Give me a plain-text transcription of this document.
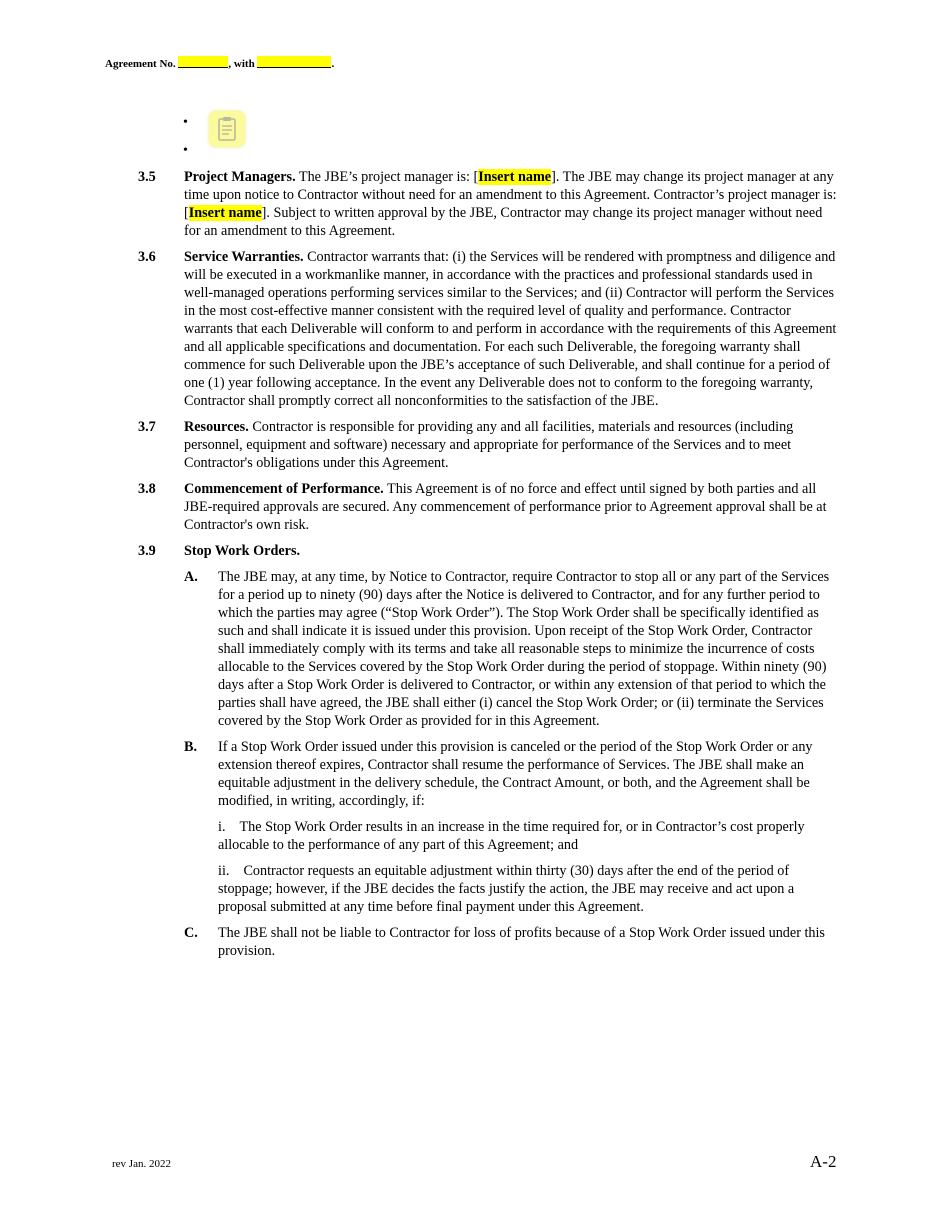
Agreement No.	, with	.
•
•
3.5	Project Managers. The JBE’s project manager is: [Insert name]. The JBE may change its project manager at any time upon notice to Contractor without need for an amendment to this Agreement. Contractor’s project manager is: [Insert name]. Subject to written approval by the JBE, Contractor may change its project manager without need for an amendment to this Agreement.
3.6	Service Warranties. Contractor warrants that: (i) the Services will be rendered with promptness and diligence and will be executed in a workmanlike manner, in accordance with the practices and professional standards used in well-managed operations performing services similar to the Services; and (ii) Contractor will perform the Services in the most cost-effective manner consistent with the required level of quality and performance. Contractor warrants that each Deliverable will conform to and perform in accordance with the requirements of this Agreement and all applicable specifications and documentation. For each such Deliverable, the foregoing warranty shall commence for such Deliverable upon the JBE’s acceptance of such Deliverable, and shall continue for a period of one (1) year following acceptance. In the event any Deliverable does not to conform to the foregoing warranty, Contractor shall promptly correct all nonconformities to the satisfaction of the JBE.
3.7	Resources. Contractor is responsible for providing any and all facilities, materials and resources (including personnel, equipment and software) necessary and appropriate for performance of the Services and to meet Contractor's obligations under this Agreement.
3.8	Commencement of Performance. This Agreement is of no force and effect until signed by both parties and all JBE-required approvals are secured. Any commencement of performance prior to Agreement approval shall be at Contractor's own risk.
3.9	Stop Work Orders.
A.	The JBE may, at any time, by Notice to Contractor, require Contractor to stop all or any part of the Services for a period up to ninety (90) days after the Notice is delivered to Contractor, and for any further period to which the parties may agree (“Stop Work Order”). The Stop Work Order shall be specifically identified as such and shall indicate it is issued under this provision. Upon receipt of the Stop Work Order, Contractor shall immediately comply with its terms and take all reasonable steps to minimize the incurrence of costs allocable to the Services covered by the Stop Work Order during the period of stoppage. Within ninety (90) days after a Stop Work Order is delivered to Contractor, or within any extension of that period to which the parties shall have agreed, the JBE shall either (i) cancel the Stop Work Order; or (ii) terminate the Services covered by the Stop Work Order as provided for in this Agreement.
B.	If a Stop Work Order issued under this provision is canceled or the period of the Stop Work Order or any extension thereof expires, Contractor shall resume the performance of Services. The JBE shall make an equitable adjustment in the delivery schedule, the Contract Amount, or both, and the Agreement shall be modified, in writing, accordingly, if:
i. The Stop Work Order results in an increase in the time required for, or in Contractor’s cost properly allocable to the performance of any part of this Agreement; and
ii. Contractor requests an equitable adjustment within thirty (30) days after the end of the period of stoppage; however, if the JBE decides the facts justify the action, the JBE may receive and act upon a proposal submitted at any time before final payment under this Agreement.
C.	The JBE shall not be liable to Contractor for loss of profits because of a Stop Work Order issued under this provision.
rev Jan. 2022	A-2
